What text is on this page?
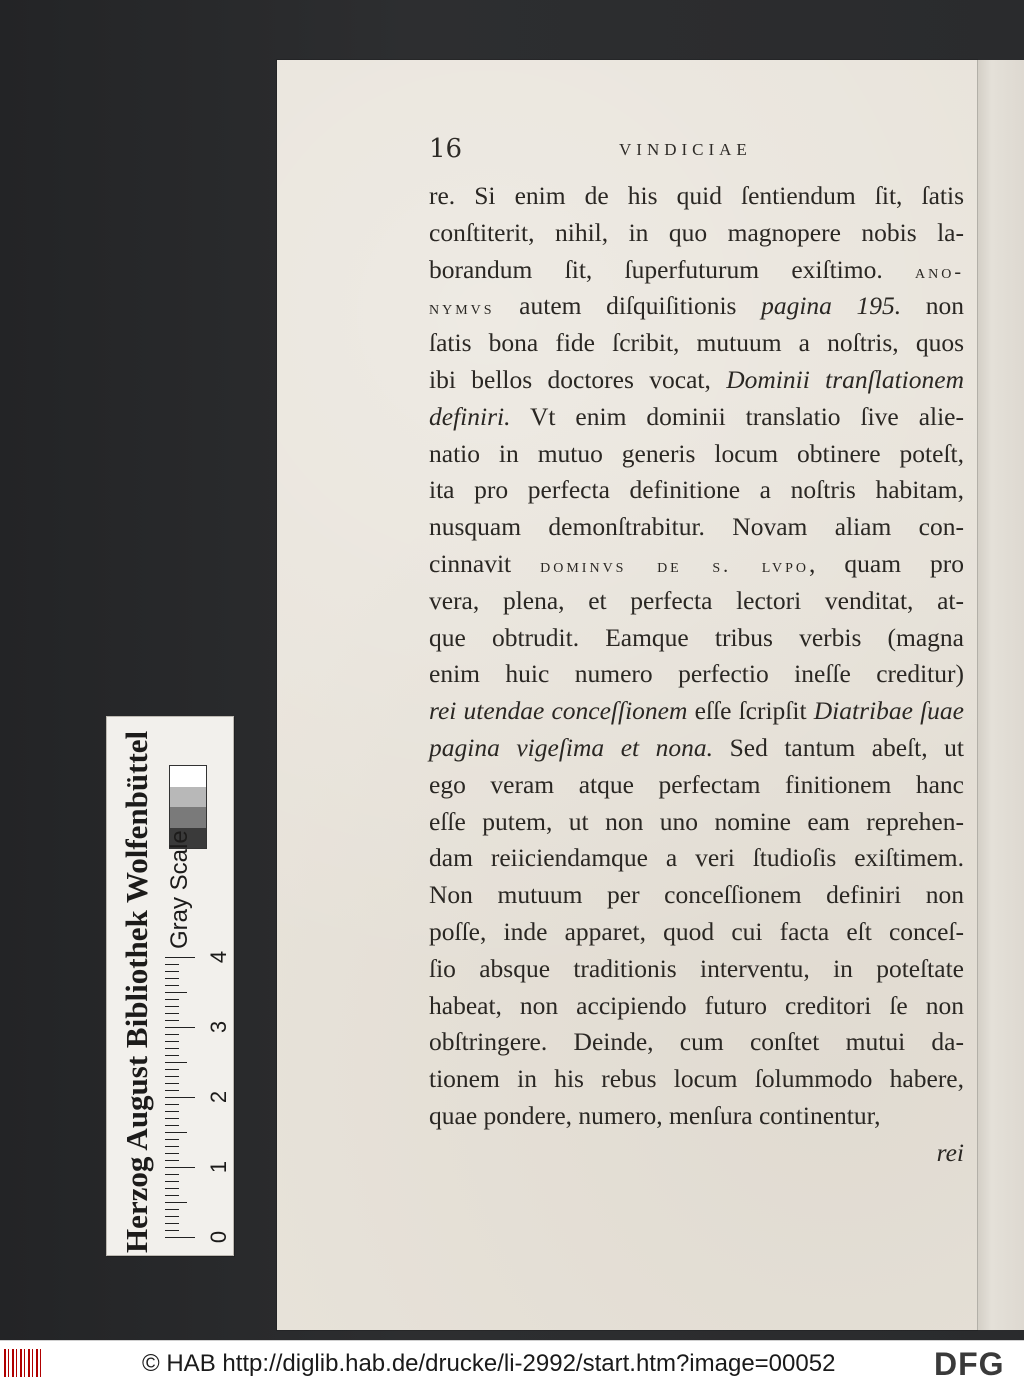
16	VINDICIAE
re. Si enim de his quid ſentiendum ſit, ſatis
conſtiterit, nihil, in quo magnopere nobis la-
borandum ſit, ſuperfuturum exiſtimo. ano-
nymvs autem diſquiſitionis pagina 195. non
ſatis bona fide ſcribit, mutuum a noſtris, quos
ibi bellos doctores vocat, Dominii tranſlationem
definiri. Vt enim dominii translatio ſive alie-
natio in mutuo generis locum obtinere poteſt,
ita pro perfecta definitione a noſtris habitam,
nusquam demonſtrabitur. Novam aliam con-
cinnavit dominvs de s. lvpo, quam pro
vera, plena, et perfecta lectori venditat, at-
que obtrudit. Eamque tribus verbis (magna
enim huic numero perfectio ineſſe creditur)
rei utendae conceſſionem eſſe ſcripſit Diatribae ſuae
pagina vigeſima et nona. Sed tantum abeſt, ut
ego veram atque perfectam finitionem hanc
eſſe putem, ut non uno nomine eam reprehen-
dam reiiciendamque a veri ſtudioſis exiſtimem.
Non mutuum per conceſſionem definiri non
poſſe, inde apparet, quod cui facta eſt conceſ-
ſio absque traditionis interventu, in poteſtate
habeat, non accipiendo futuro creditori ſe non
obſtringere. Deinde, cum conſtet mutui da-
tionem in his rebus locum ſolummodo habere,
quae pondere, numero, menſura continentur,
rei
Herzog August Bibliothek Wolfenbüttel Gray Scale
0
1
2
3
4
© HAB http://diglib.hab.de/drucke/li-2992/start.htm?image=00052	DFG
